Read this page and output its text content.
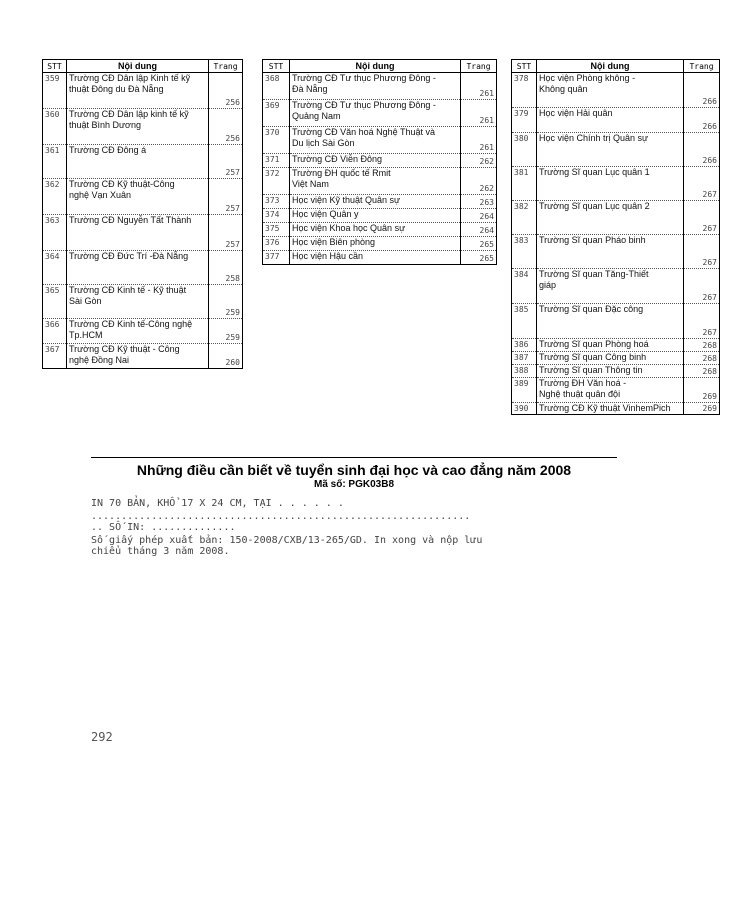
STT	Nội dung	Trang
359	Trường CĐ Dân lập Kinh tế kỹ
thuật Đông du Đà Nẵng	256
360	Trường CĐ Dân lập kinh tế kỹ
thuật Bình Dương	256
361	Trường CĐ Đông á	257
362	Trường CĐ Kỹ thuật-Công
nghệ Vạn Xuân	257
363	Trường CĐ Nguyễn Tất Thành	257
364	Trường CĐ Đức Trí -Đà Nẵng	258
365	Trường CĐ Kinh tế - Kỹ thuật
Sài Gòn	259
366	Trường CĐ Kinh tế-Công nghệ
Tp.HCM	259
367	Trường CĐ Kỹ thuật - Công
nghệ Đồng Nai	260
STT	Nội dung	Trang
368	Trường CĐ Tư thục Phương Đông -
Đà Nẵng	261
369	Trường CĐ Tư thục Phương Đông -
Quảng Nam	261
370	Trường CĐ Văn hoá Nghệ Thuật và
Du lịch Sài Gòn	261
371	Trường CĐ Viễn Đông	262
372	Trường ĐH quốc tế Rmit
Việt Nam	262
373	Học viện Kỹ thuật Quân sự	263
374	Học viện Quân y	264
375	Học viện Khoa học Quân sự	264
376	Học viện Biên phòng	265
377	Học viện Hậu cần	265
STT	Nội dung	Trang
378	Học viện Phòng không -
Không quân	266
379	Học viện Hải quân	266
380	Học viện Chính trị Quân sự	266
381	Trường Sĩ quan Lục quân 1	267
382	Trường Sĩ quan Lục quân 2	267
383	Trường Sĩ quan Pháo binh	267
384	Trường Sĩ quan Tăng-Thiết
giáp	267
385	Trường Sĩ quan Đặc công	267
386	Trường Sĩ quan Phòng hoá	268
387	Trường Sĩ quan Công binh	268
388	Trường Sĩ quan Thông tin	268
389	Trường ĐH Văn hoá -
Nghệ thuật quân đội	269
390	Trường CĐ Kỹ thuật VinhemPich	269
Những điều cần biết về tuyển sinh đại học và cao đẳng năm 2008
Mã số: PGK03B8
IN 70 BẢN, KHỔ 17 X 24 CM, TẠI . . . . . .
...............................................................
.. SỐ IN: ..............
Số giấy phép xuất bản: 150-2008/CXB/13-265/GD. In xong và nộp lưu
chiểu tháng 3 năm 2008.
292
